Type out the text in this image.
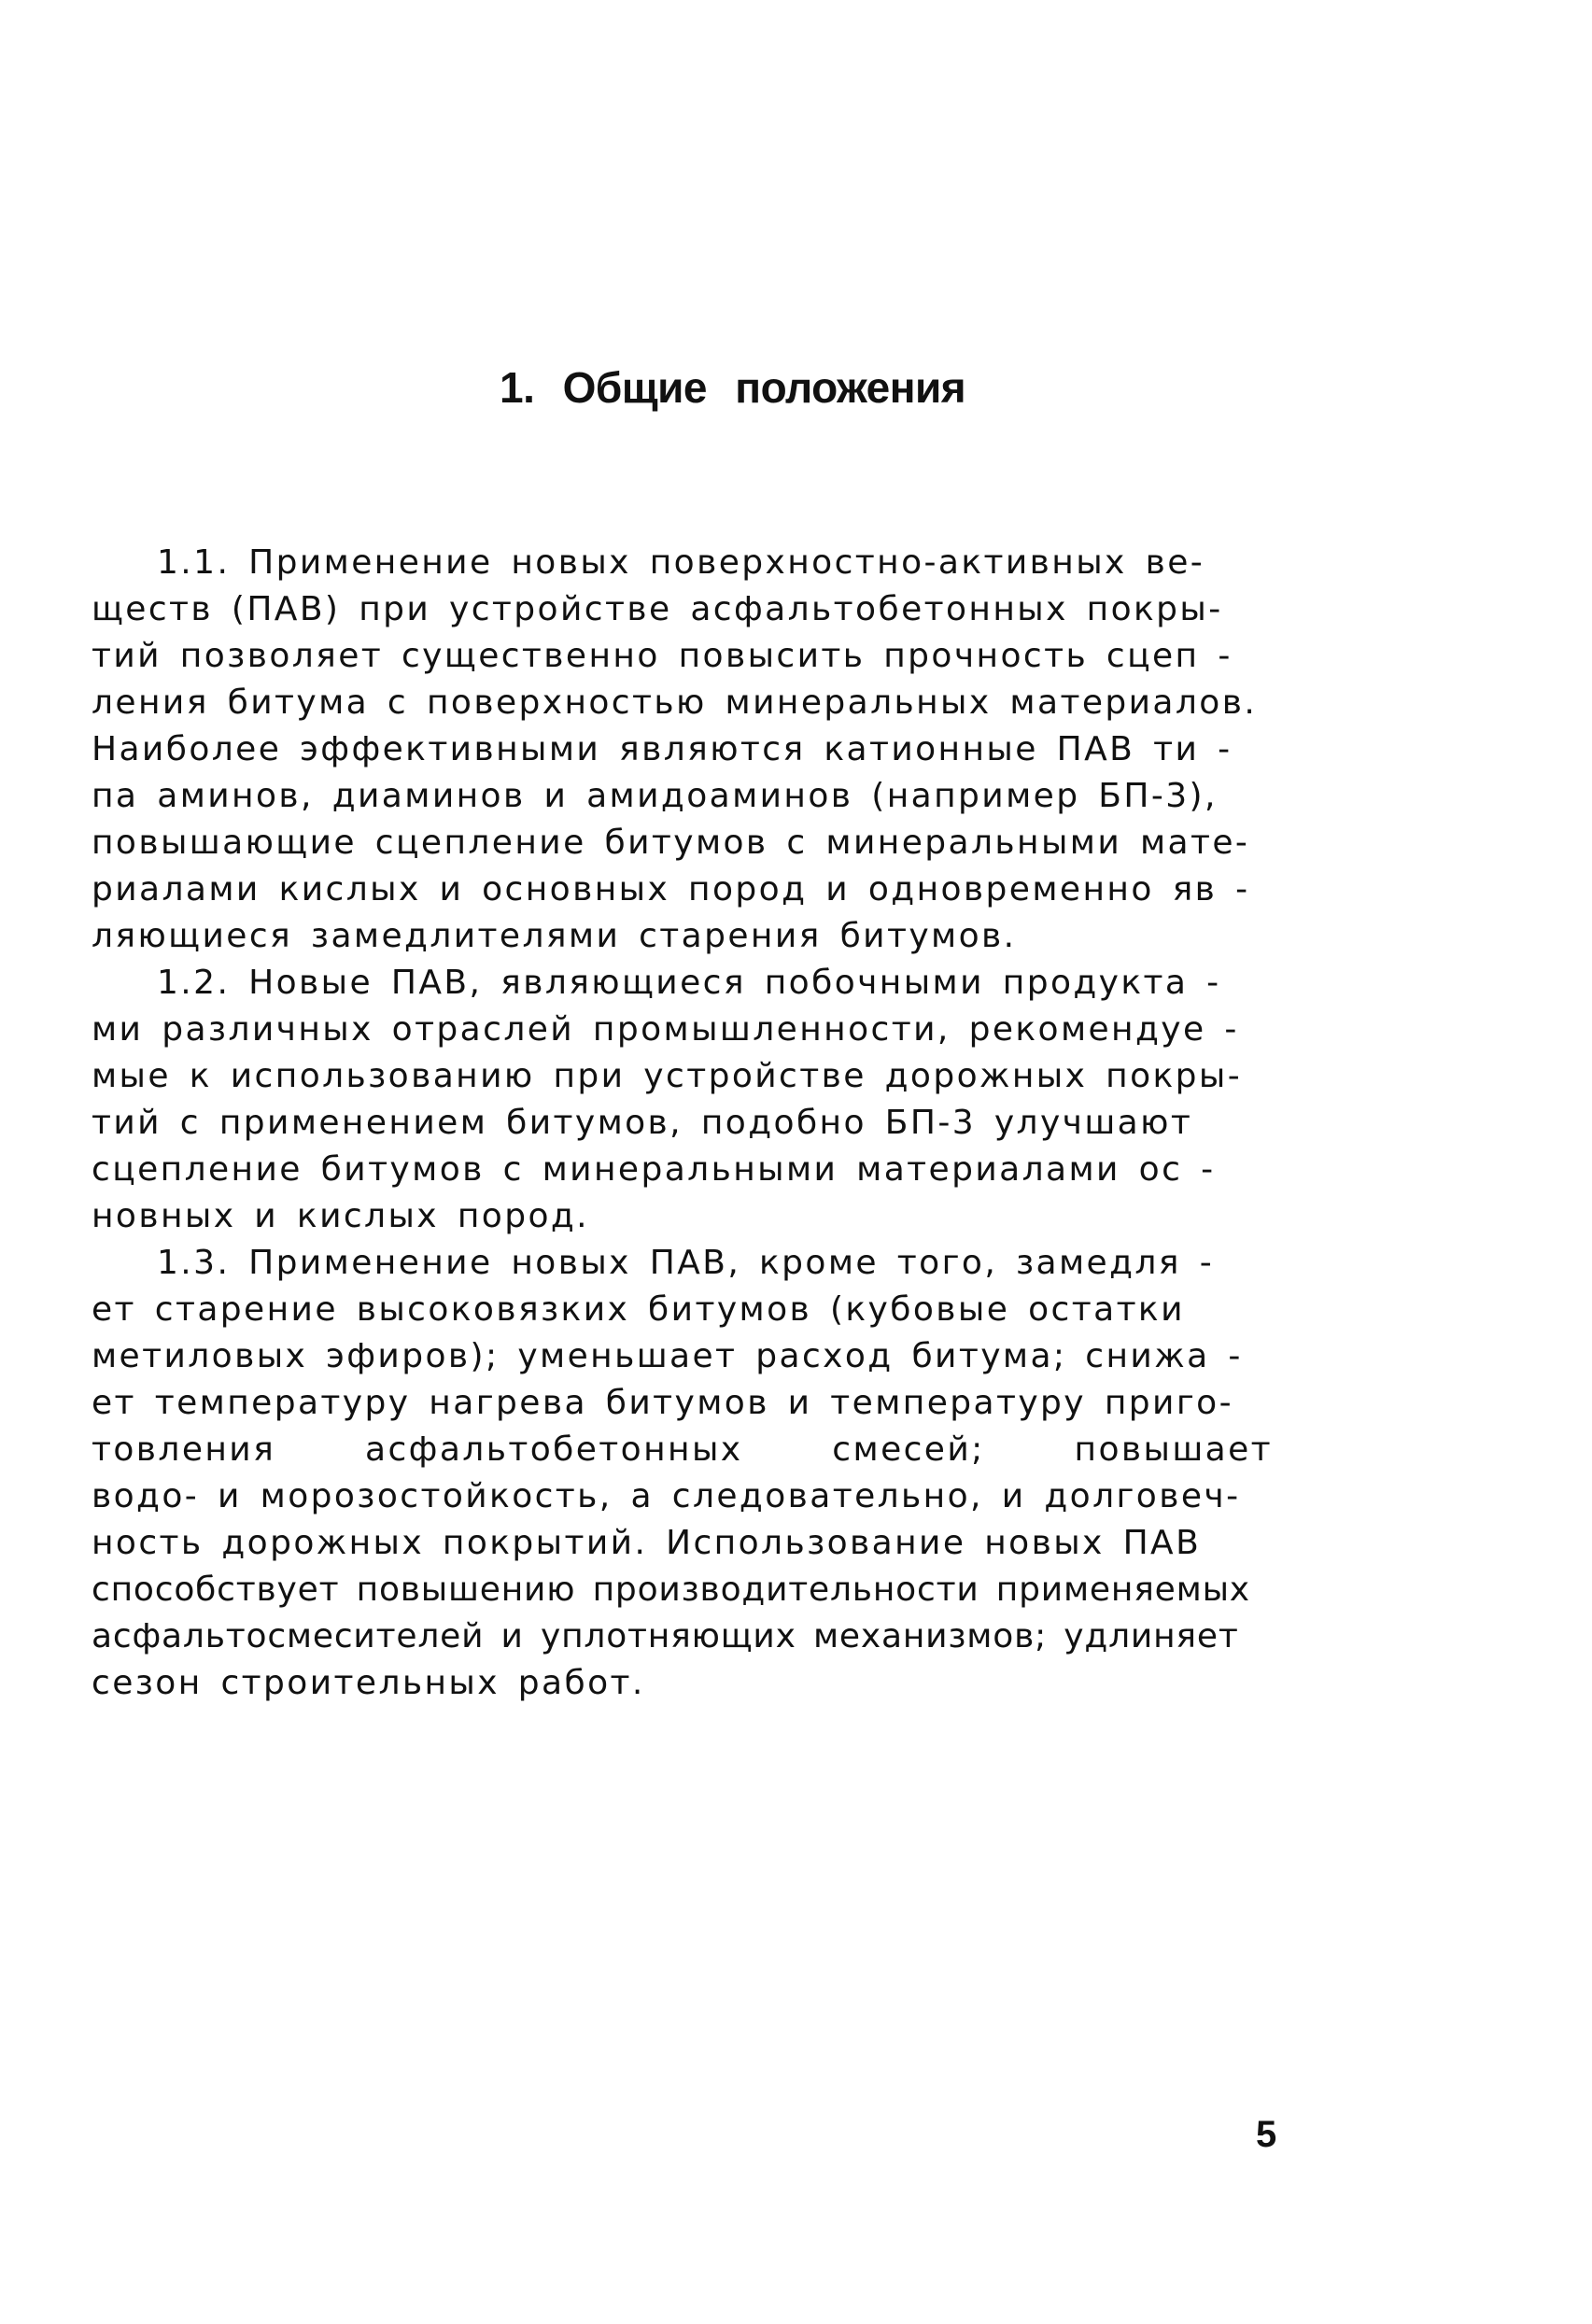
1. Общие положения
1.1. Применение новых поверхностно-активных ве-
ществ (ПАВ) при устройстве асфальтобетонных покры-
тий позволяет существенно повысить прочность сцеп -
ления битума с поверхностью минеральных материалов.
Наиболее эффективными являются катионные ПАВ ти -
па аминов, диаминов и амидоаминов (например БП-3),
повышающие сцепление битумов с минеральными мате-
риалами кислых и основных пород и одновременно яв -
ляющиеся замедлителями старения битумов.
1.2. Новые ПАВ, являющиеся побочными продукта -
ми различных отраслей промышленности, рекомендуе -
мые к использованию при устройстве дорожных покры-
тий с применением битумов, подобно БП-3 улучшают
сцепление битумов с минеральными материалами ос -
новных и кислых пород.
1.3. Применение новых ПАВ, кроме того, замедля -
ет старение высоковязких битумов (кубовые остатки
метиловых эфиров); уменьшает расход битума; снижа -
ет температуру нагрева битумов и температуру приго-
товления асфальтобетонных смесей; повышает
водо- и морозостойкость, а следовательно, и долговеч-
ность дорожных покрытий. Использование новых ПАВ
способствует повышению производительности применяемых
асфальтосмесителей и уплотняющих механизмов; удлиняет
сезон строительных работ.
5
